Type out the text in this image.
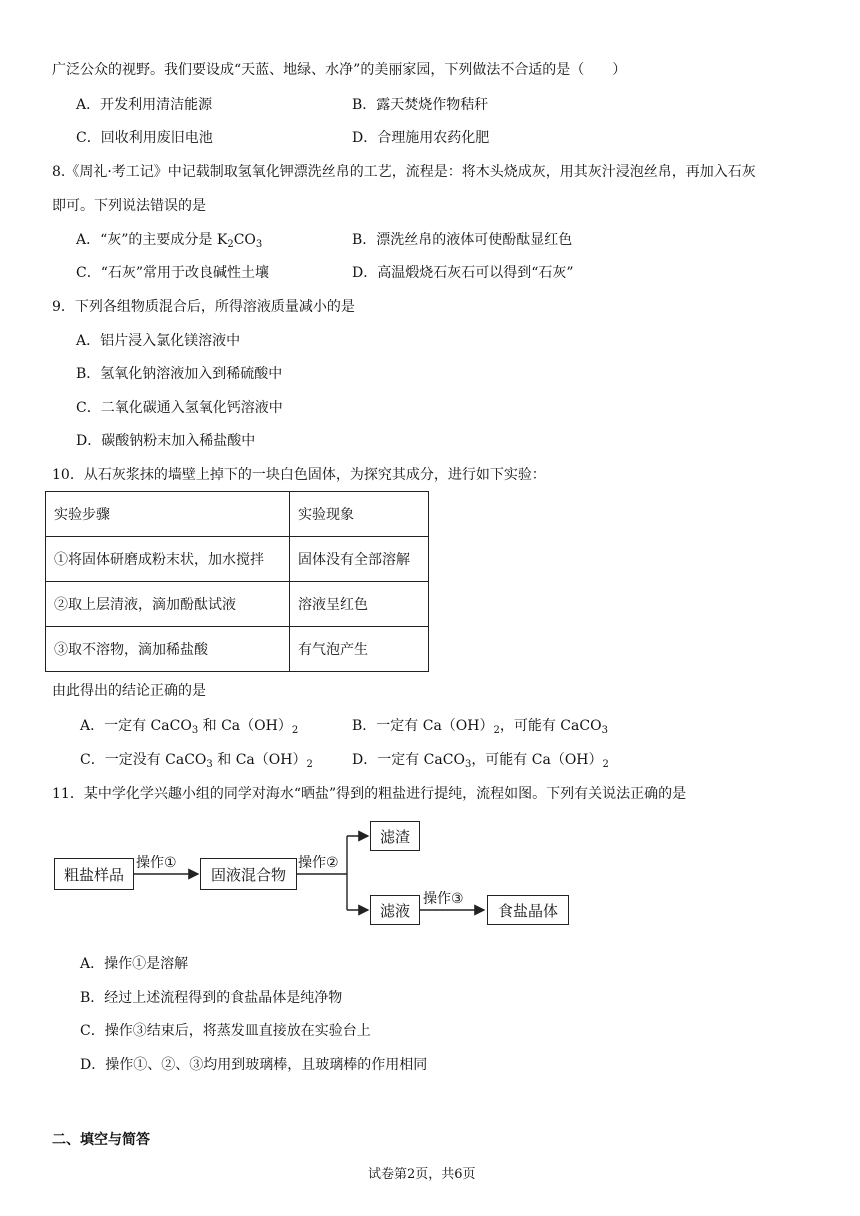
广泛公众的视野。我们要设成“天蓝、地绿、水净”的美丽家园，下列做法不合适的是（　　）
A．开发利用清洁能源	B．露天焚烧作物秸秆
C．回收利用废旧电池	D．合理施用农药化肥
8.《周礼·考工记》中记载制取氢氧化钾漂洗丝帛的工艺，流程是：将木头烧成灰，用其灰汁浸泡丝帛，再加入石灰
即可。下列说法错误的是
A．“灰”的主要成分是 $K_2CO_3$	B．漂洗丝帛的液体可使酚酞显红色
C．“石灰”常用于改良碱性土壤	D．高温煅烧石灰石可以得到“石灰”
9．下列各组物质混合后，所得溶液质量减小的是
A．铝片浸入氯化镁溶液中
B．氢氧化钠溶液加入到稀硫酸中
C．二氧化碳通入氢氧化钙溶液中
D．碳酸钠粉末加入稀盐酸中
10．从石灰浆抹的墙壁上掉下的一块白色固体，为探究其成分，进行如下实验：
实验步骤	实验现象
①将固体研磨成粉末状，加水搅拌	固体没有全部溶解
②取上层清液，滴加酚酞试液	溶液呈红色
③取不溶物，滴加稀盐酸	有气泡产生
由此得出的结论正确的是
A．一定有 CaCO$_3$ 和 $Ca(OH)_2$	B．一定有 $Ca(OH)_2$，可能有 CaCO$_3$
C．一定没有 CaCO$_3$ 和 $Ca(OH)_2$	D．一定有 CaCO$_3$，可能有 $Ca(OH)_2$
11．某中学化学兴趣小组的同学对海水“晒盐”得到的粗盐进行提纯，流程如图。下列有关说法正确的是
粗盐样品
操作①
固液混合物
操作②
滤渣
滤液
操作③
食盐晶体
A．操作①是溶解
B．经过上述流程得到的食盐晶体是纯净物
C．操作③结束后，将蒸发皿直接放在实验台上
D．操作①、②、③均用到玻璃棒，且玻璃棒的作用相同
二、填空与简答
试卷第2页，共6页
